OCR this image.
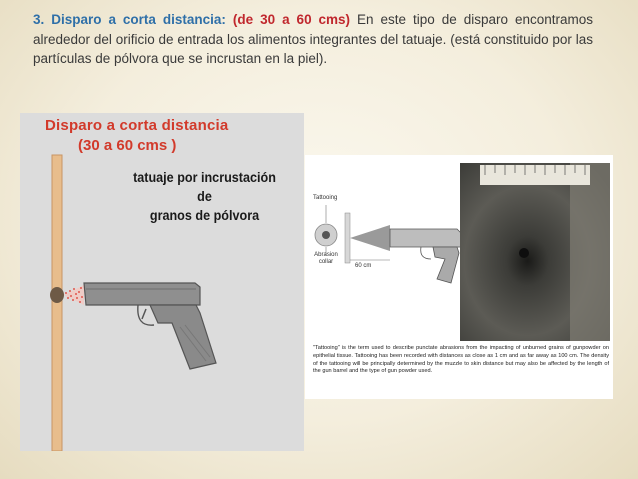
3. Disparo a corta distancia: (de 30 a 60 cms) En este tipo de disparo encontramos alrededor del orificio de entrada los alimentos integrantes del tatuaje. (está constituido por las partículas de pólvora que se incrustan en la piel).
Disparo a corta distancia
(30 a 60 cms )
tatuaje por incrustación de
granos de pólvora
Tattooing
Abrasion collar
60 cm
"Tattooing" is the term used to describe punctate abrasions from the impacting of unburned grains of gunpowder on epithelial tissue. Tattooing has been recorded with distances as close as 1 cm and as far away as 100 cm. The density of the tattooing will be principally determined by the muzzle to skin distance but may also be affected by the length of the gun barrel and the type of gun powder used.
